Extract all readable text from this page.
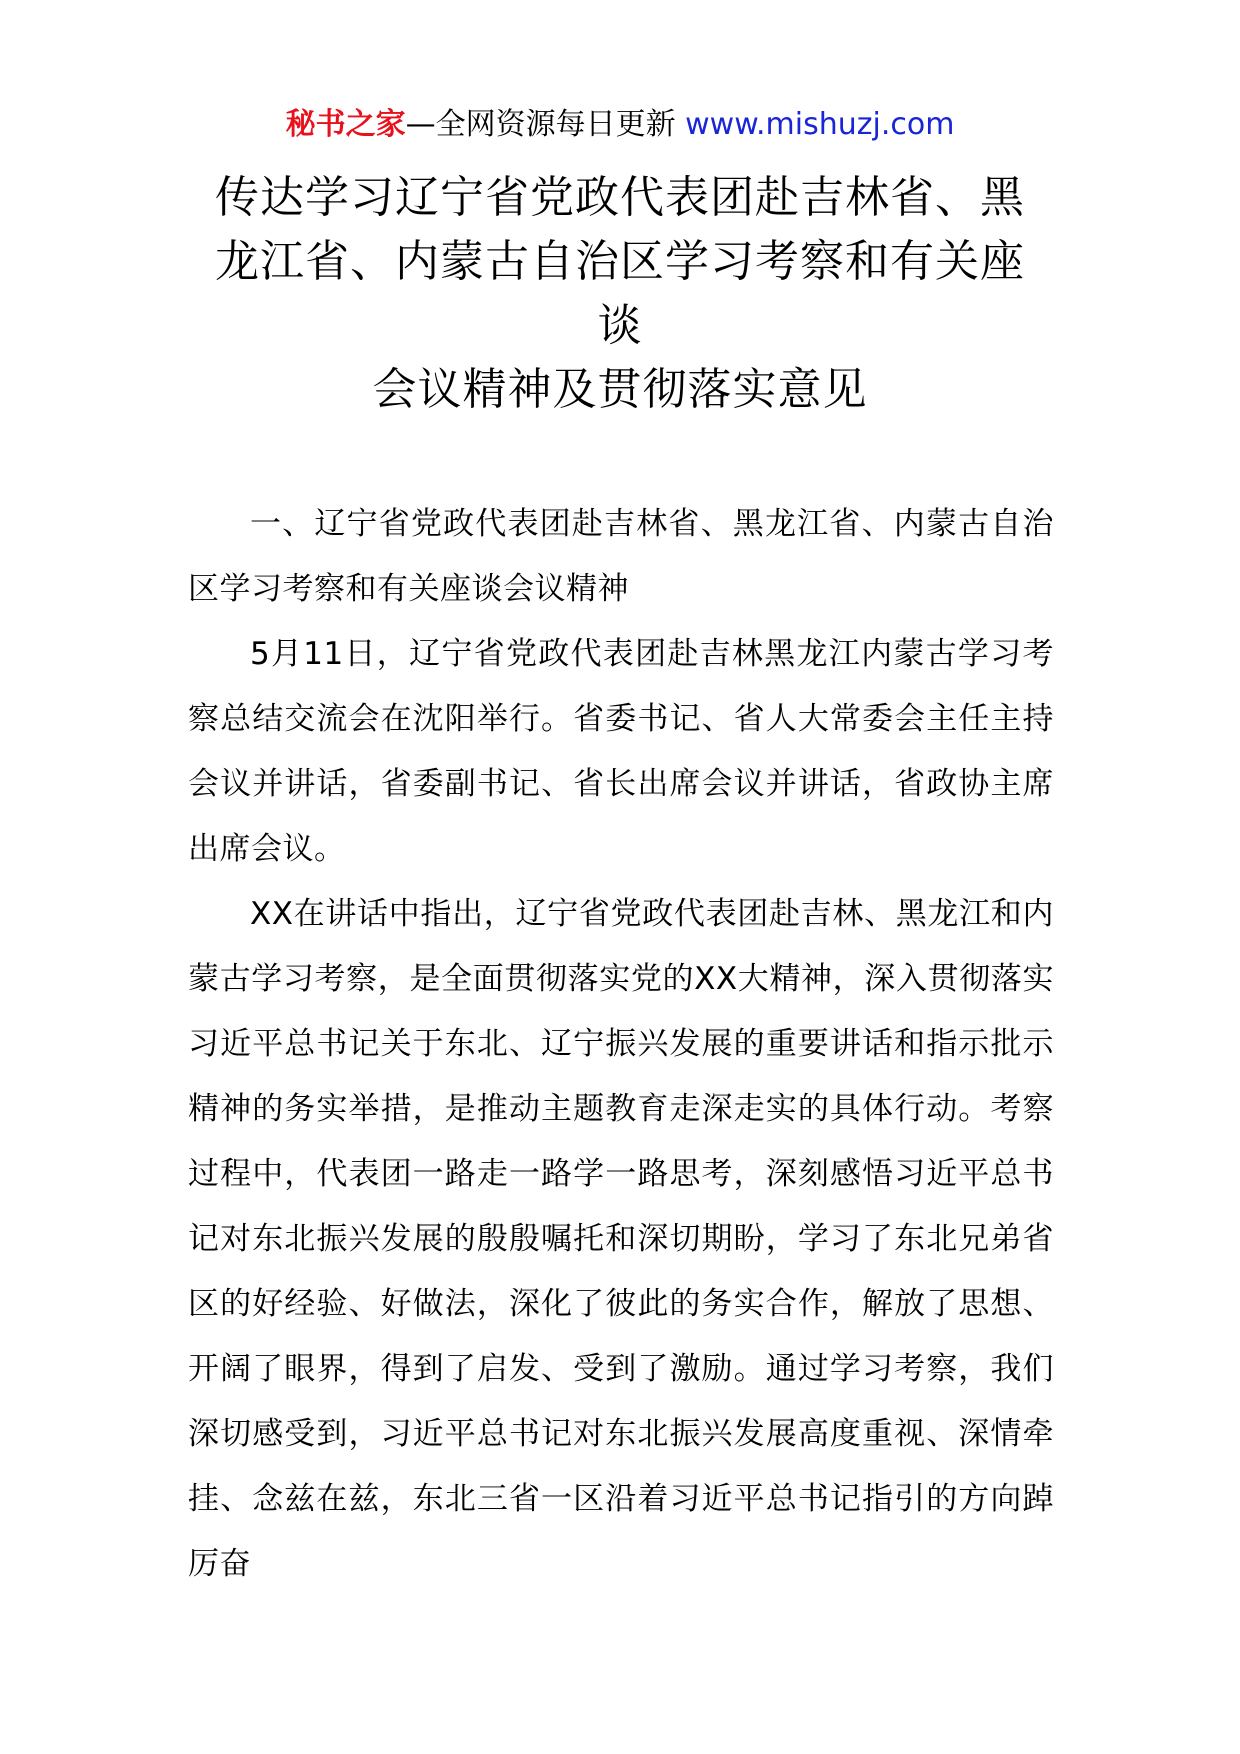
秘书之家—全网资源每日更新 www.mishuzj.com
传达学习辽宁省党政代表团赴吉林省、黑
龙江省、内蒙古自治区学习考察和有关座
谈
会议精神及贯彻落实意见

一、辽宁省党政代表团赴吉林省、黑龙江省、内蒙古自治区学习考察和有关座谈会议精神

5月11日，辽宁省党政代表团赴吉林黑龙江内蒙古学习考察总结交流会在沈阳举行。省委书记、省人大常委会主任主持会议并讲话，省委副书记、省长出席会议并讲话，省政协主席出席会议。

XX在讲话中指出，辽宁省党政代表团赴吉林、黑龙江和内蒙古学习考察，是全面贯彻落实党的XX大精神，深入贯彻落实习近平总书记关于东北、辽宁振兴发展的重要讲话和指示批示精神的务实举措，是推动主题教育走深走实的具体行动。考察过程中，代表团一路走一路学一路思考，深刻感悟习近平总书记对东北振兴发展的殷殷嘱托和深切期盼，学习了东北兄弟省区的好经验、好做法，深化了彼此的务实合作，解放了思想、开阔了眼界，得到了启发、受到了激励。通过学习考察，我们深切感受到，习近平总书记对东北振兴发展高度重视、深情牵挂、念兹在兹，东北三省一区沿着习近平总书记指引的方向踔厉奋
